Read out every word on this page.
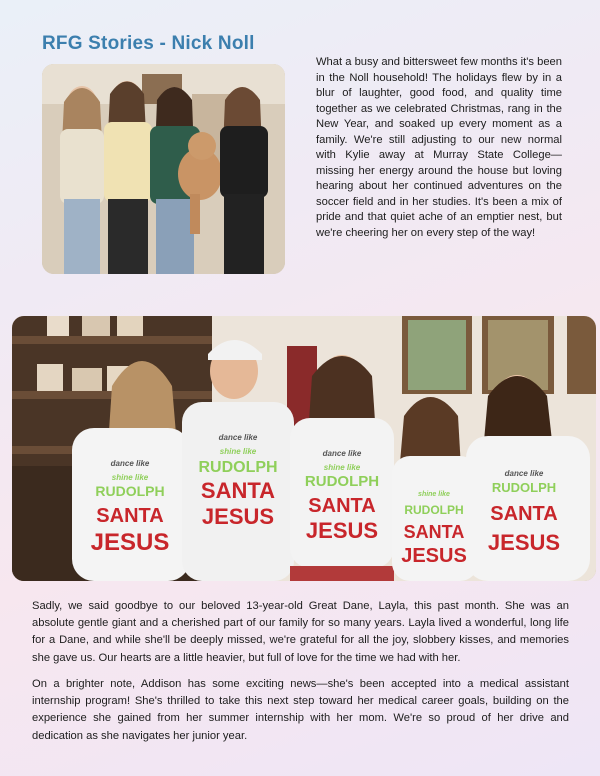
RFG Stories - Nick Noll
What a busy and bittersweet few months it's been in the Noll household! The holidays flew by in a blur of laughter, good food, and quality time together as we celebrated Christmas, rang in the New Year, and soaked up every moment as a family. We're still adjusting to our new normal with Kylie away at Murray State College—missing her energy around the house but loving hearing about her continued adventures on the soccer field and in her studies. It's been a mix of pride and that quiet ache of an emptier nest, but we're cheering her on every step of the way!
dance like
shine like
RUDOLPH
SANTA
JESUS
dance like
shine like
RUDOLPH
SANTA
JESUS
dance like
shine like
RUDOLPH
SANTA
JESUS
shine like
RUDOLPH
SANTA
JESUS
dance like
RUDOLPH
SANTA
JESUS
Sadly, we said goodbye to our beloved 13-year-old Great Dane, Layla, this past month. She was an absolute gentle giant and a cherished part of our family for so many years. Layla lived a wonderful, long life for a Dane, and while she'll be deeply missed, we're grateful for all the joy, slobbery kisses, and memories she gave us. Our hearts are a little heavier, but full of love for the time we had with her.
On a brighter note, Addison has some exciting news—she's been accepted into a medical assistant internship program! She's thrilled to take this next step toward her medical career goals, building on the experience she gained from her summer internship with her mom. We're so proud of her drive and dedication as she navigates her junior year.
